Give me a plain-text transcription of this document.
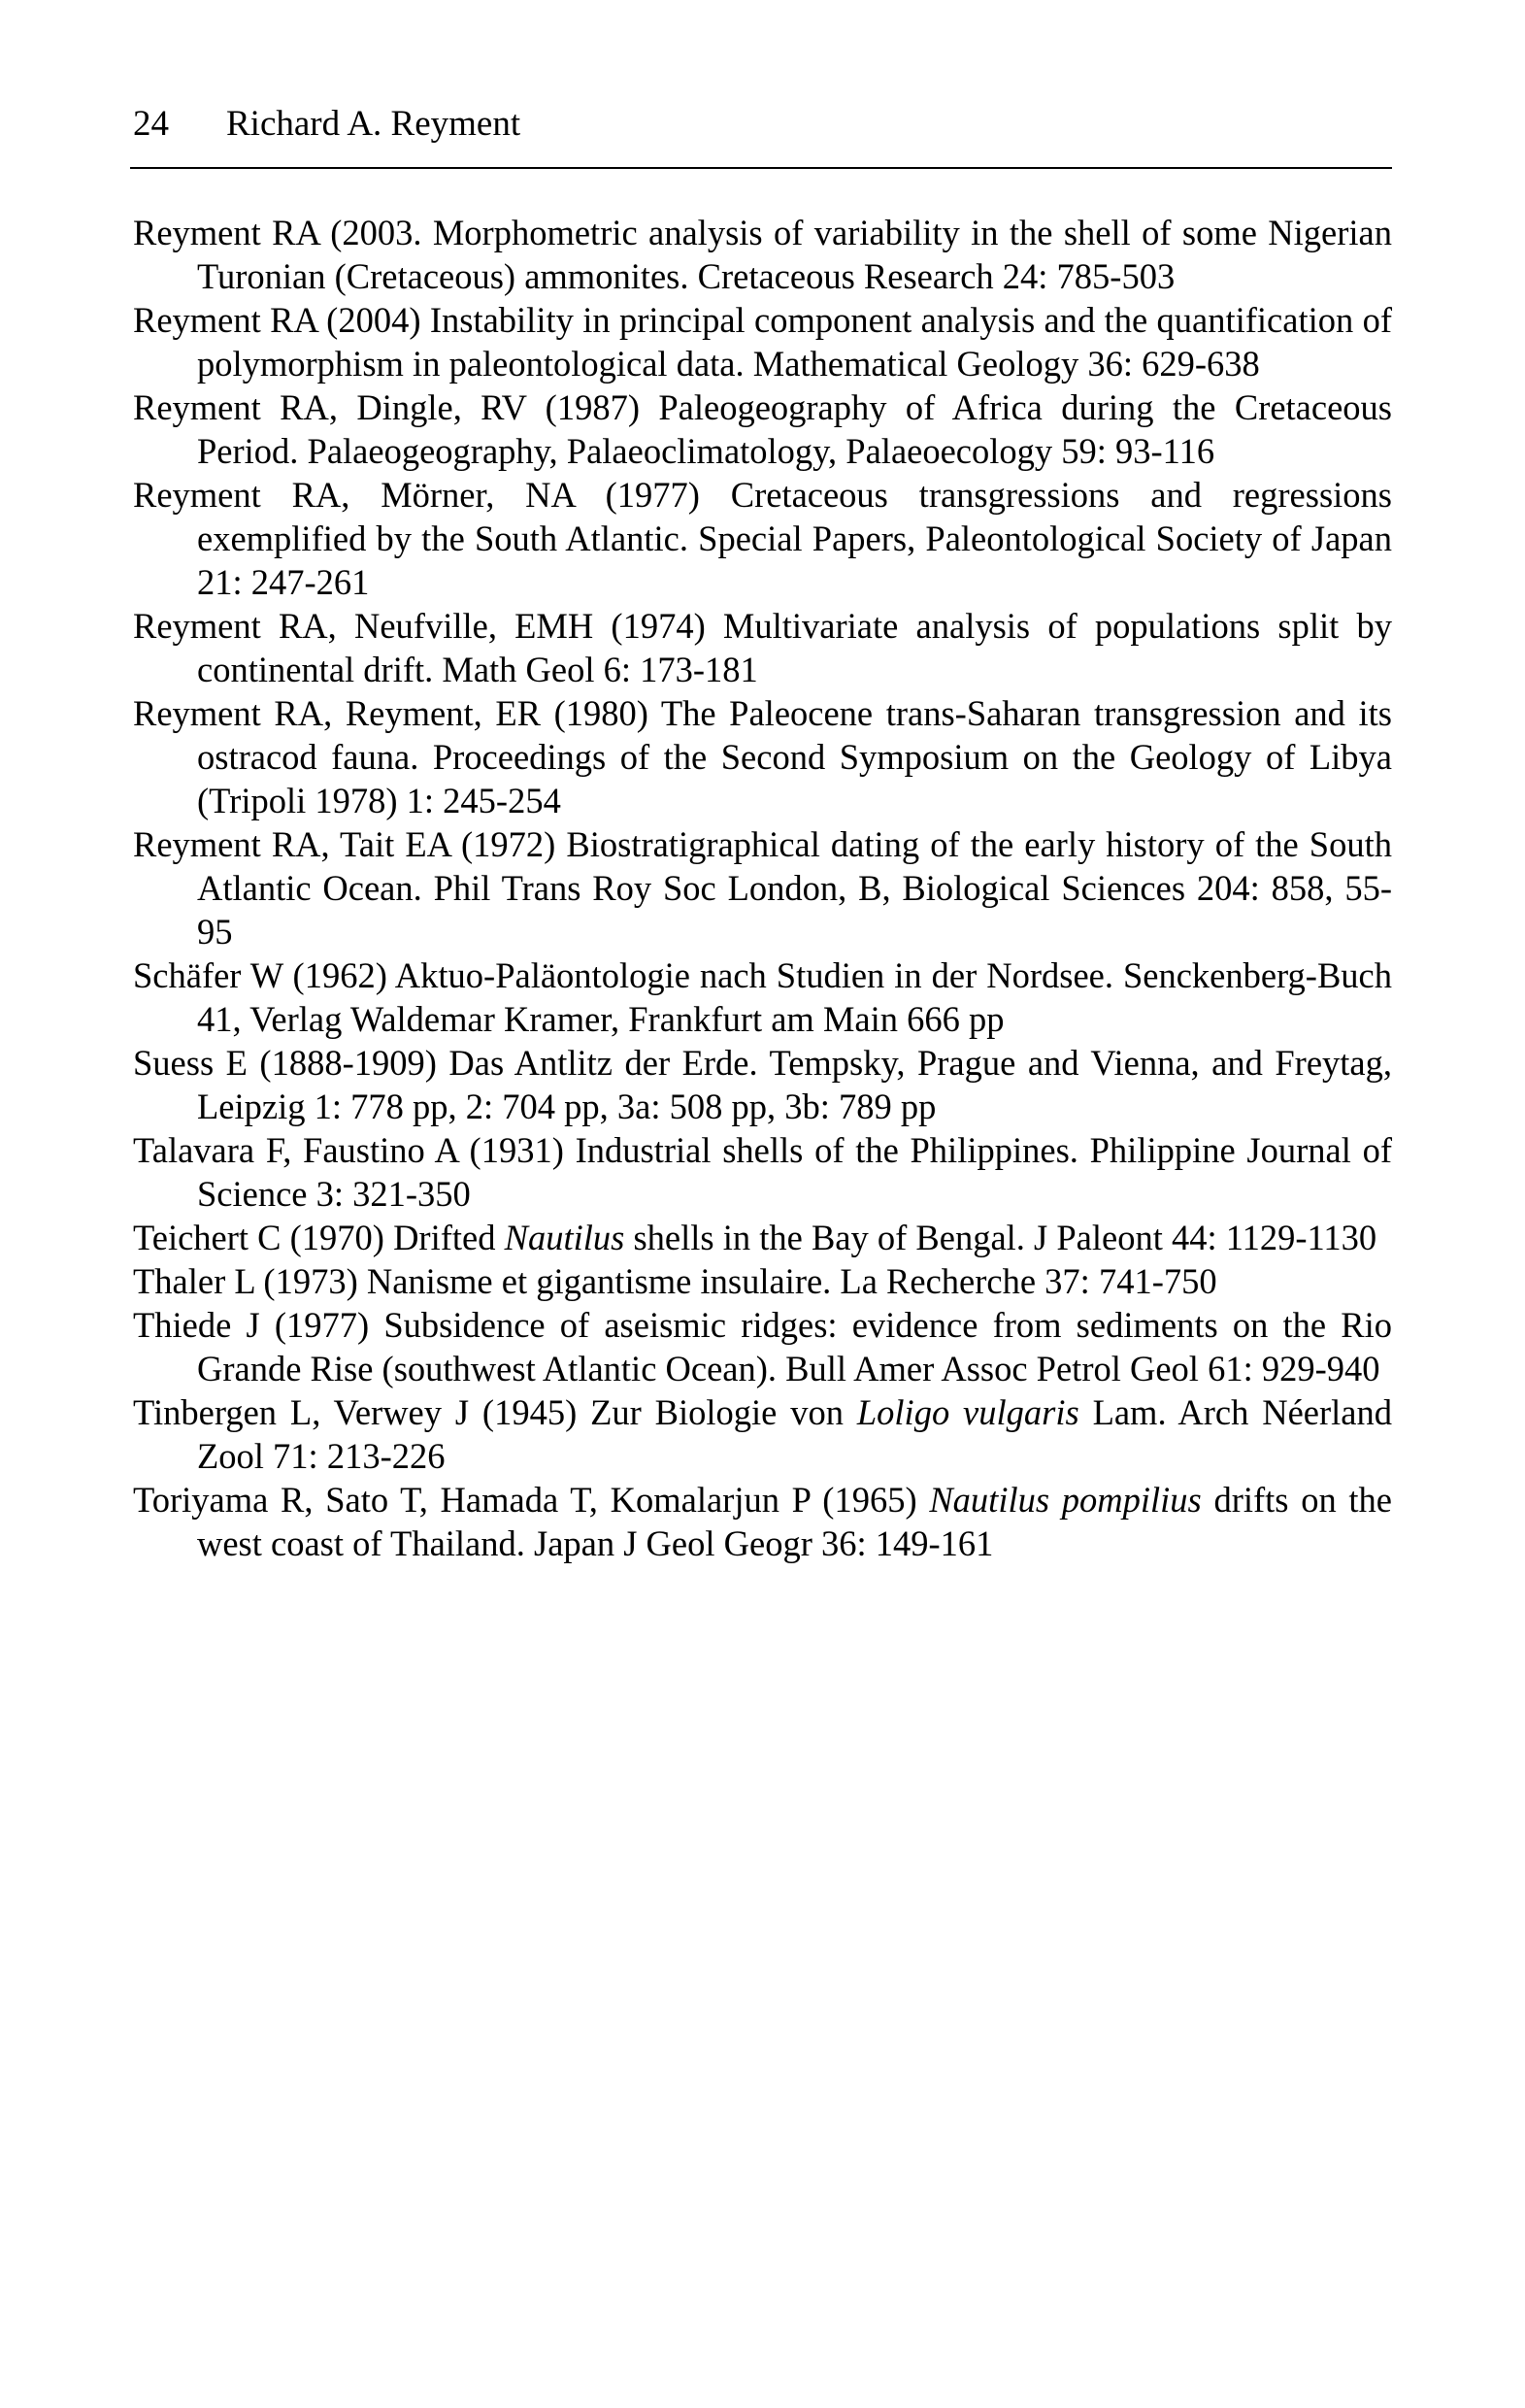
24 Richard A. Reyment
Reyment RA (2003. Morphometric analysis of variability in the shell of some Nigerian Turonian (Cretaceous) ammonites. Cretaceous Research 24: 785-503
Reyment RA (2004) Instability in principal component analysis and the quantification of polymorphism in paleontological data. Mathematical Geology 36: 629-638
Reyment RA, Dingle, RV (1987) Paleogeography of Africa during the Cretaceous Period. Palaeogeography, Palaeoclimatology, Palaeoecology 59: 93-116
Reyment RA, Mörner, NA (1977) Cretaceous transgressions and regressions exemplified by the South Atlantic. Special Papers, Paleontological Society of Japan 21: 247-261
Reyment RA, Neufville, EMH (1974) Multivariate analysis of populations split by continental drift. Math Geol 6: 173-181
Reyment RA, Reyment, ER (1980) The Paleocene trans-Saharan transgression and its ostracod fauna. Proceedings of the Second Symposium on the Geology of Libya (Tripoli 1978) 1: 245-254
Reyment RA, Tait EA (1972) Biostratigraphical dating of the early history of the South Atlantic Ocean. Phil Trans Roy Soc London, B, Biological Sciences 204: 858, 55-95
Schäfer W (1962) Aktuo-Paläontologie nach Studien in der Nordsee. Senckenberg-Buch 41, Verlag Waldemar Kramer, Frankfurt am Main 666 pp
Suess E (1888-1909) Das Antlitz der Erde. Tempsky, Prague and Vienna, and Freytag, Leipzig 1: 778 pp, 2: 704 pp, 3a: 508 pp, 3b: 789 pp
Talavara F, Faustino A (1931) Industrial shells of the Philippines. Philippine Journal of Science 3: 321-350
Teichert C (1970) Drifted Nautilus shells in the Bay of Bengal. J Paleont 44: 1129-1130
Thaler L (1973) Nanisme et gigantisme insulaire. La Recherche 37: 741-750
Thiede J (1977) Subsidence of aseismic ridges: evidence from sediments on the Rio Grande Rise (southwest Atlantic Ocean). Bull Amer Assoc Petrol Geol 61: 929-940
Tinbergen L, Verwey J (1945) Zur Biologie von Loligo vulgaris Lam. Arch Néerland Zool 71: 213-226
Toriyama R, Sato T, Hamada T, Komalarjun P (1965) Nautilus pompilius drifts on the west coast of Thailand. Japan J Geol Geogr 36: 149-161
